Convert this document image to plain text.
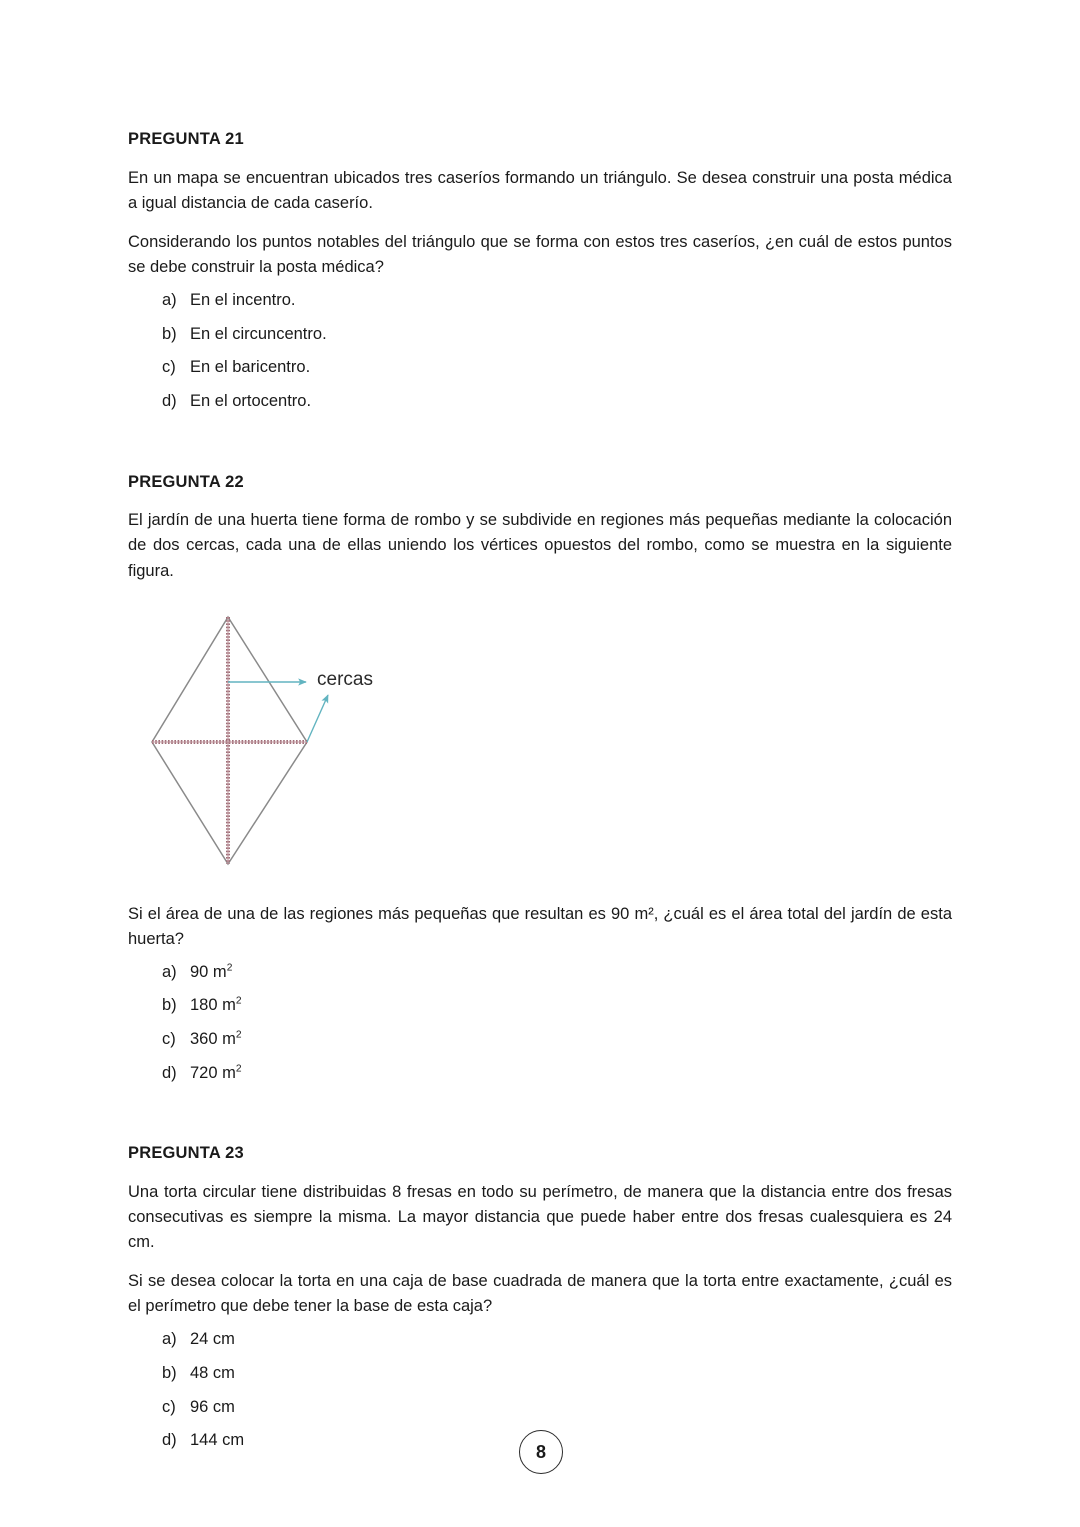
PREGUNTA 21

En un mapa se encuentran ubicados tres caseríos formando un triángulo. Se desea construir una posta médica a igual distancia de cada caserío.

Considerando los puntos notables del triángulo que se forma con estos tres caseríos, ¿en cuál de estos puntos se debe construir la posta médica?

a) En el incentro.
b) En el circuncentro.
c) En el baricentro.
d) En el ortocentro.
PREGUNTA 22

El jardín de una huerta tiene forma de rombo y se subdivide en regiones más pequeñas mediante la colocación de dos cercas, cada una de ellas uniendo los vértices opuestos del rombo, como se muestra en la siguiente figura.

cercas

Si el área de una de las regiones más pequeñas que resultan es 90 m², ¿cuál es el área total del jardín de esta huerta?

a) 90 $m^2$
b) 180 $m^2$
c) 360 $m^2$
d) 720 $m^2$
PREGUNTA 23

Una torta circular tiene distribuidas 8 fresas en todo su perímetro, de manera que la distancia entre dos fresas consecutivas es siempre la misma. La mayor distancia que puede haber entre dos fresas cualesquiera es 24 cm.

Si se desea colocar la torta en una caja de base cuadrada de manera que la torta entre exactamente, ¿cuál es el perímetro que debe tener la base de esta caja?

a) 24 cm
b) 48 cm
c) 96 cm
d) 144 cm
8
